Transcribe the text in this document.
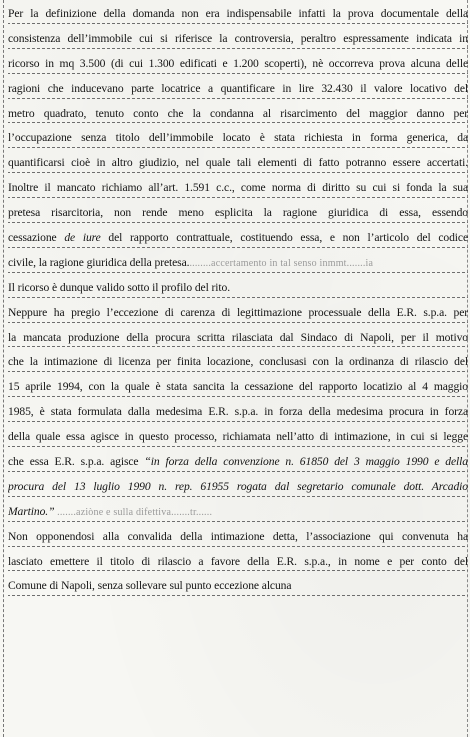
Per la definizione della domanda non era indispensabile infatti la prova documentale della
consistenza dell’immobile cui si riferisce la controversia, peraltro espressamente indicata in
ricorso in mq 3.500 (di cui 1.300 edificati e 1.200 scoperti), nè occorreva prova alcuna delle
ragioni che inducevano parte locatrice a quantificare in lire 32.430 il valore locativo del
metro quadrato, tenuto conto che la condanna al risarcimento del maggior danno per
l’occupazione senza titolo dell’immobile locato è stata richiesta in forma generica, da
quantificarsi cioè in altro giudizio, nel quale tali elementi di fatto potranno essere accertati.
Inoltre il mancato richiamo all’art. 1.591 c.c., come norma di diritto su cui si fonda la sua
pretesa risarcitoria, non rende meno esplicita la ragione giuridica di essa, essendo
cessazione de iure del rapporto contrattuale, costituendo essa, e non l’articolo del codice
civile, la ragione giuridica della pretesa.........accertamento in tal senso inmmt.......ia
Il ricorso è dunque valido sotto il profilo del rito.
Neppure ha pregio l’eccezione di carenza di legittimazione processuale della E.R. s.p.a. per
la mancata produzione della procura scritta rilasciata dal Sindaco di Napoli, per il motivo
che la intimazione di licenza per finita locazione, conclusasi con la ordinanza di rilascio del
15 aprile 1994, con la quale è stata sancita la cessazione del rapporto locatizio al 4 maggio
1985, è stata formulata dalla medesima E.R. s.p.a. in forza della medesima procura in forza
della quale essa agisce in questo processo, richiamata nell’atto di intimazione, in cui si legge
che essa E.R. s.p.a. agisce “in forza della convenzione n. 61850 del 3 maggio 1990 e della
procura del 13 luglio 1990 n. rep. 61955 rogata dal segretario comunale dott. Arcadio
Martino.” .......aziòne e sulla difettiva.......tr......
Non opponendosi alla convalida della intimazione detta, l’associazione qui convenuta ha
lasciato emettere il titolo di rilascio a favore della E.R. s.p.a., in nome e per conto del
Comune di Napoli, senza sollevare sul punto eccezione alcuna
